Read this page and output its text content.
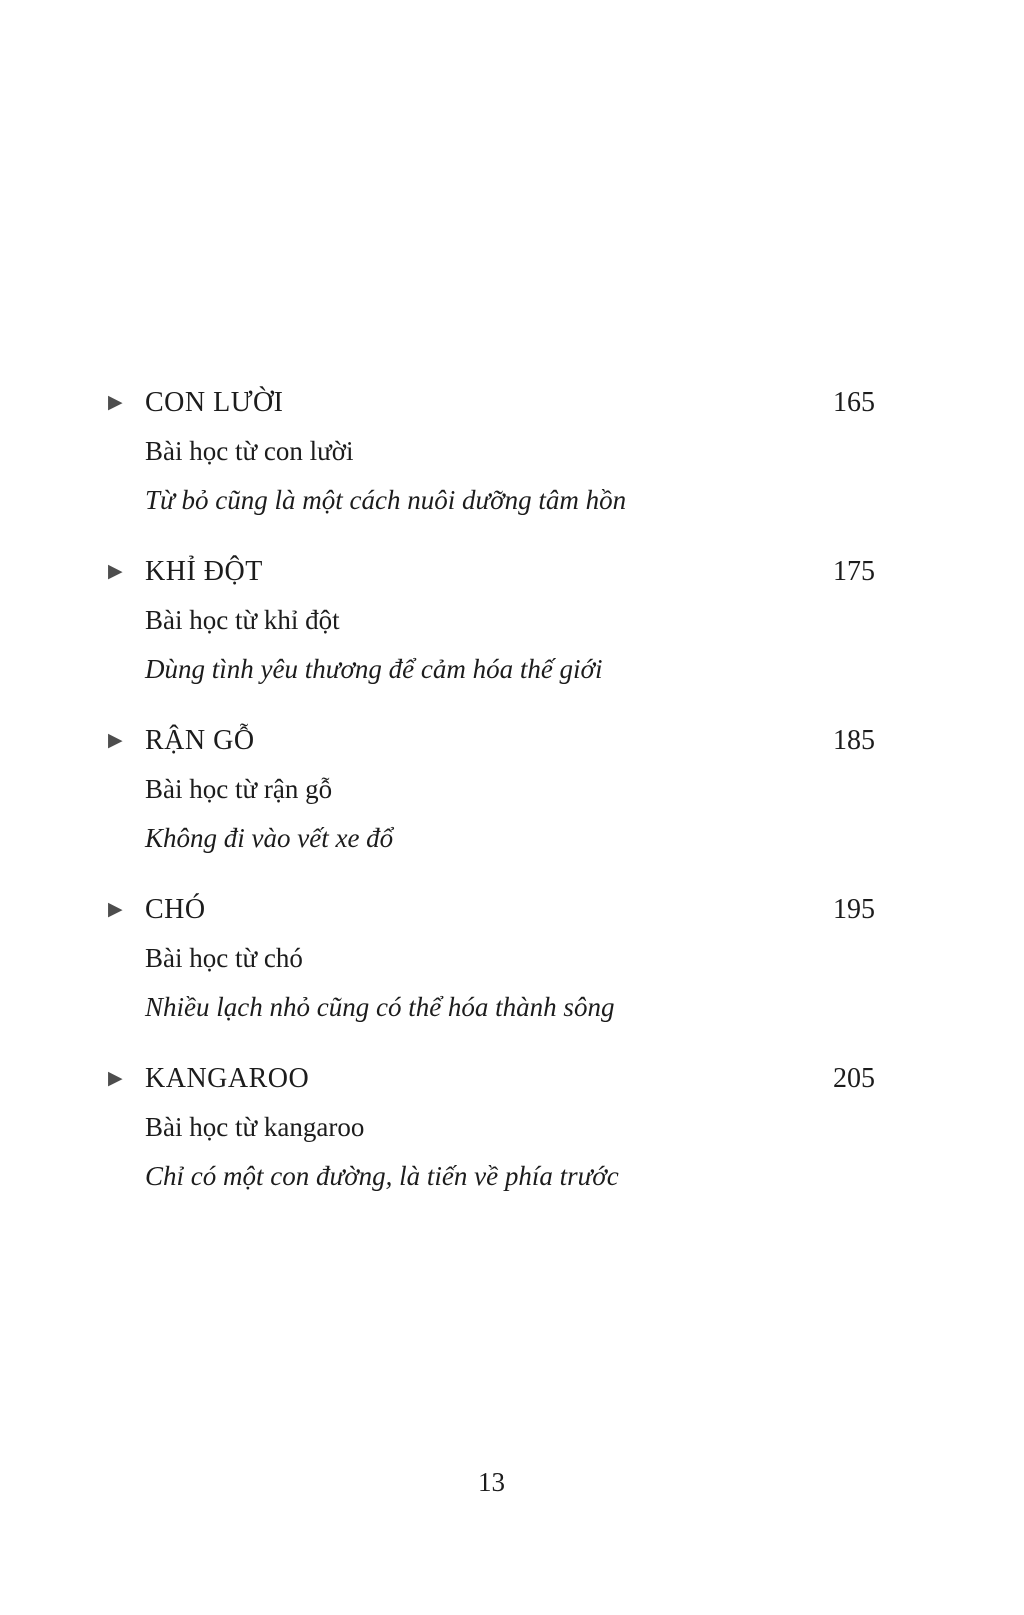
▶ CON LƯỜI	165
Bài học từ con lười
Từ bỏ cũng là một cách nuôi dưỡng tâm hồn
▶ KHỈ ĐỘT	175
Bài học từ khỉ đột
Dùng tình yêu thương để cảm hóa thế giới
▶ RẬN GỖ	185
Bài học từ rận gỗ
Không đi vào vết xe đổ
▶ CHÓ	195
Bài học từ chó
Nhiều lạch nhỏ cũng có thể hóa thành sông
▶ KANGAROO	205
Bài học từ kangaroo
Chỉ có một con đường, là tiến về phía trước
13
